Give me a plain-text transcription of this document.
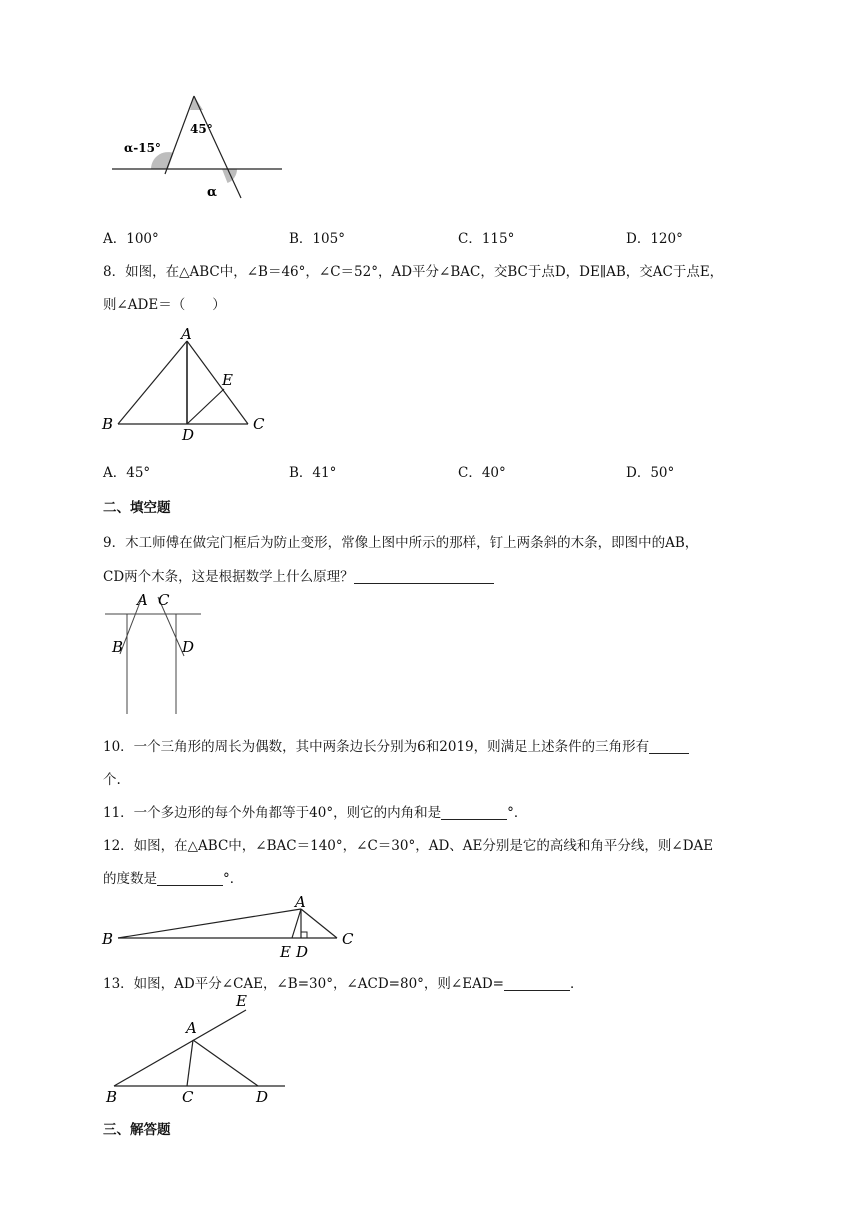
α-15°
45°
α
A．100°	B．105°	C．115°	D．120°
8．如图，在△ABC中，∠B＝46°，∠C＝52°，AD平分∠BAC，交BC于点D，DE∥AB，交AC于点E，
则∠ADE＝（　　）
A
B	C
D
E
A．45°	B．41°	C．40°	D．50°
二、填空题
9．木工师傅在做完门框后为防止变形，常像上图中所示的那样，钉上两条斜的木条，即图中的AB，
CD两个木条，这是根据数学上什么原理？
A C
B	D
10．一个三角形的周长为偶数，其中两条边长分别为6和2019，则满足上述条件的三角形有
个.
11．一个多边形的每个外角都等于40°，则它的内角和是	°．
12．如图，在△ABC中，∠BAC＝140°，∠C＝30°，AD、AE分别是它的高线和角平分线，则∠DAE
的度数是	°．
A
B	C
E D
13．如图，AD平分∠CAE，∠B=30°，∠ACD=80°，则∠EAD=	．
E
A
B	C	D
三、解答题
